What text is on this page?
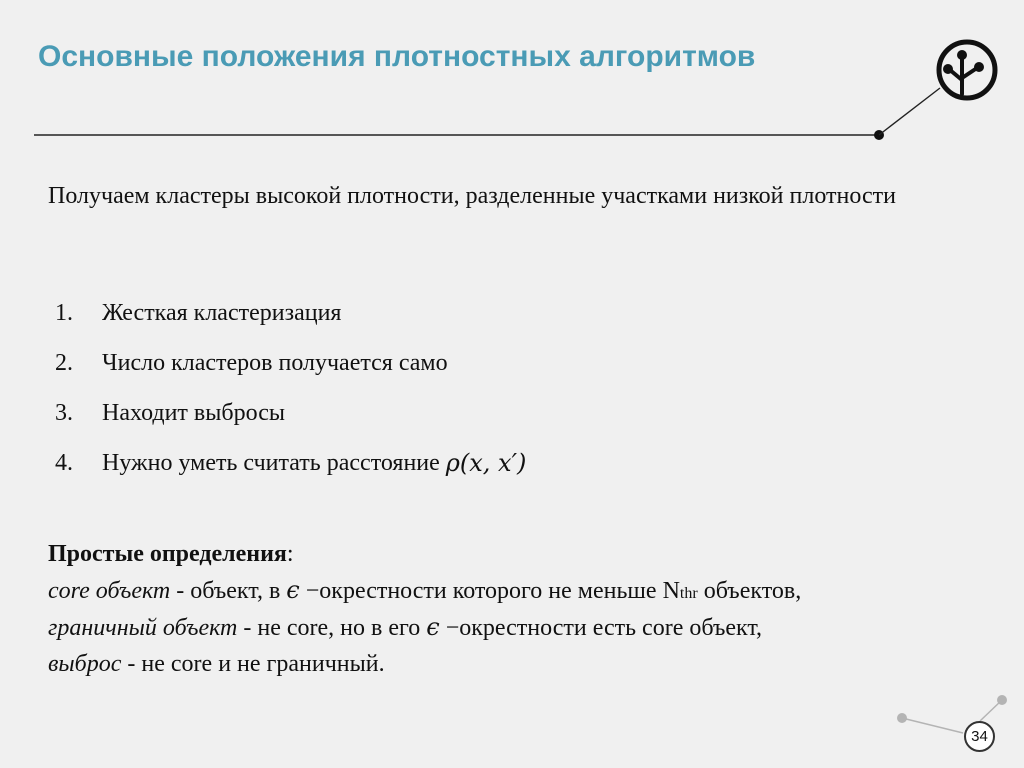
Основные положения плотностных алгоритмов

Получаем кластеры высокой плотности, разделенные участками низкой плотности

1.	Жесткая кластеризация
2.	Число кластеров получается само
3.	Находит выбросы
4.	Нужно уметь считать расстояние ρ(x, x′)
Простые определения:
core объект - объект, в ϵ −окрестности которого не меньше Nthr объектов,
граничный объект - не core, но в его ϵ −окрестности есть core объект,
выброс - не core и не граничный.
34
